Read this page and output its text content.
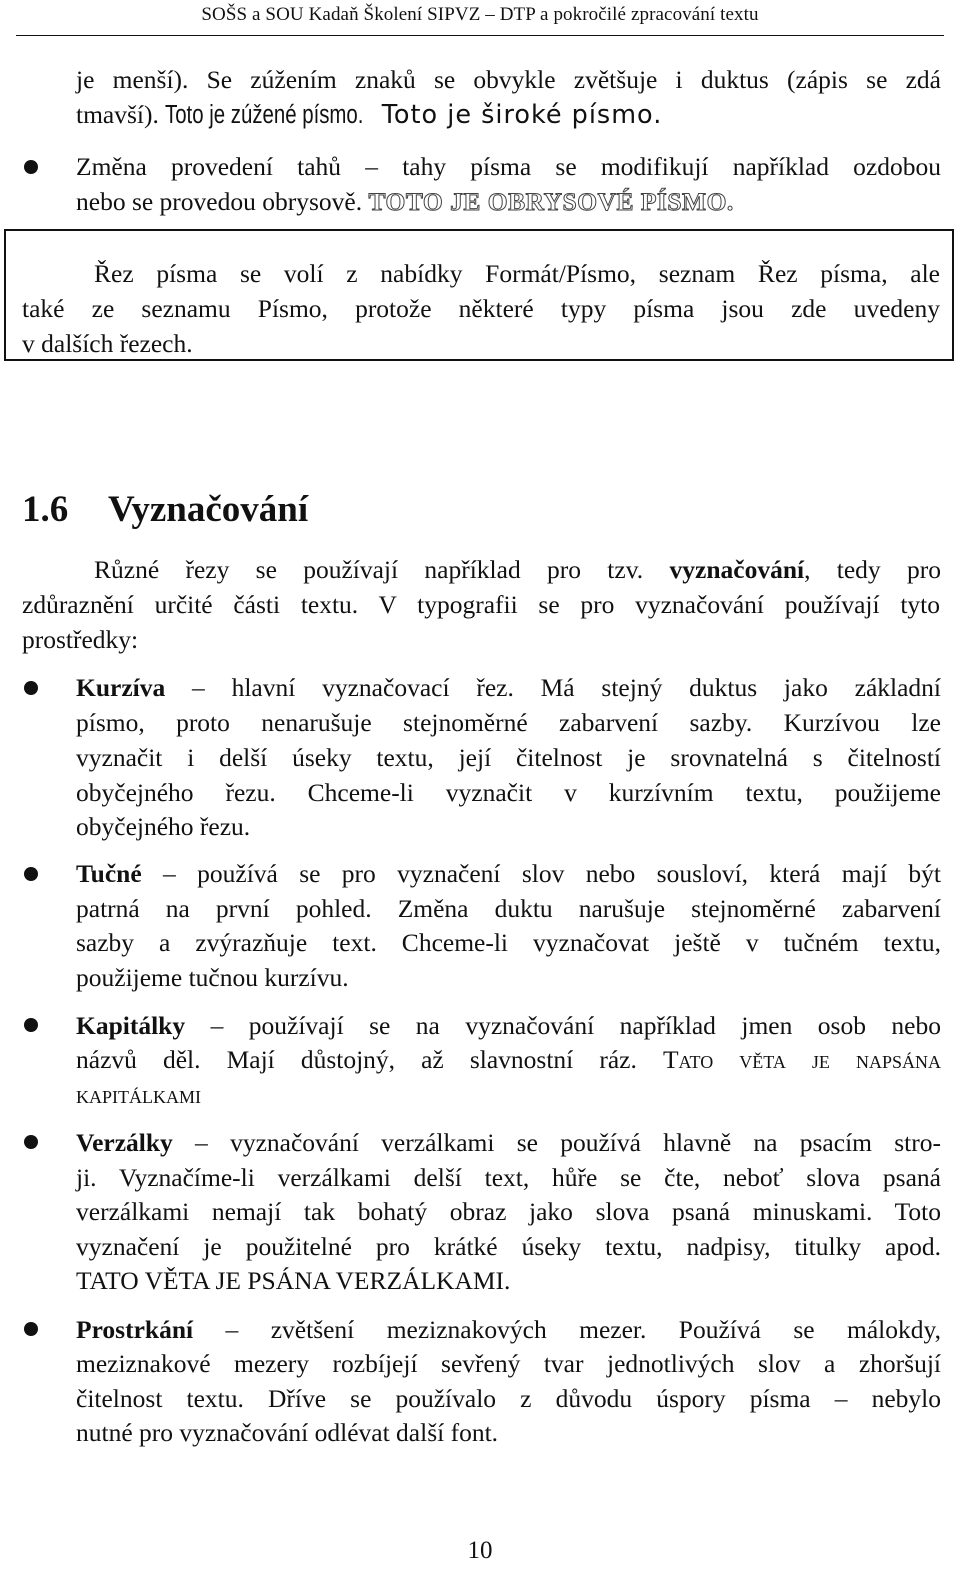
SOŠS a SOU Kadaň Školení SIPVZ – DTP a pokročilé zpracování textu
je menší). Se zúžením znaků se obvykle zvětšuje i duktus (zápis se zdá
tmavší). Toto je zúžené písmo. Toto je široké písmo.
Změna provedení tahů – tahy písma se modifikují například ozdobou
nebo se provedou obrysově. TOTO JE OBRYSOVÉ PÍSMO.
Řez písma se volí z nabídky Formát/Písmo, seznam Řez písma, ale
také ze seznamu Písmo, protože některé typy písma jsou zde uvedeny
v dalších řezech.
1.6 Vyznačování
Různé řezy se používají například pro tzv. vyznačování, tedy pro
zdůraznění určité části textu. V typografii se pro vyznačování používají tyto
prostředky:
Kurzíva – hlavní vyznačovací řez. Má stejný duktus jako základní
písmo, proto nenarušuje stejnoměrné zabarvení sazby. Kurzívou lze
vyznačit i delší úseky textu, její čitelnost je srovnatelná s čitelností
obyčejného řezu. Chceme-li vyznačit v kurzívním textu, použijeme
obyčejného řezu.
Tučné – používá se pro vyznačení slov nebo sousloví, která mají být
patrná na první pohled. Změna duktu narušuje stejnoměrné zabarvení
sazby a zvýrazňuje text. Chceme-li vyznačovat ještě v tučném textu,
použijeme tučnou kurzívu.
Kapitálky – používají se na vyznačování například jmen osob nebo
názvů děl. Mají důstojný, až slavnostní ráz. Tato věta je napsána
kapitálkami
Verzálky – vyznačování verzálkami se používá hlavně na psacím stro-
ji. Vyznačíme-li verzálkami delší text, hůře se čte, neboť slova psaná
verzálkami nemají tak bohatý obraz jako slova psaná minuskami. Toto
vyznačení je použitelné pro krátké úseky textu, nadpisy, titulky apod.
TATO VĚTA JE PSÁNA VERZÁLKAMI.
Prostrkání – zvětšení meziznakových mezer. Používá se málokdy,
meziznakové mezery rozbíjejí sevřený tvar jednotlivých slov a zhoršují
čitelnost textu. Dříve se používalo z důvodu úspory písma – nebylo
nutné pro vyznačování odlévat další font.
10
